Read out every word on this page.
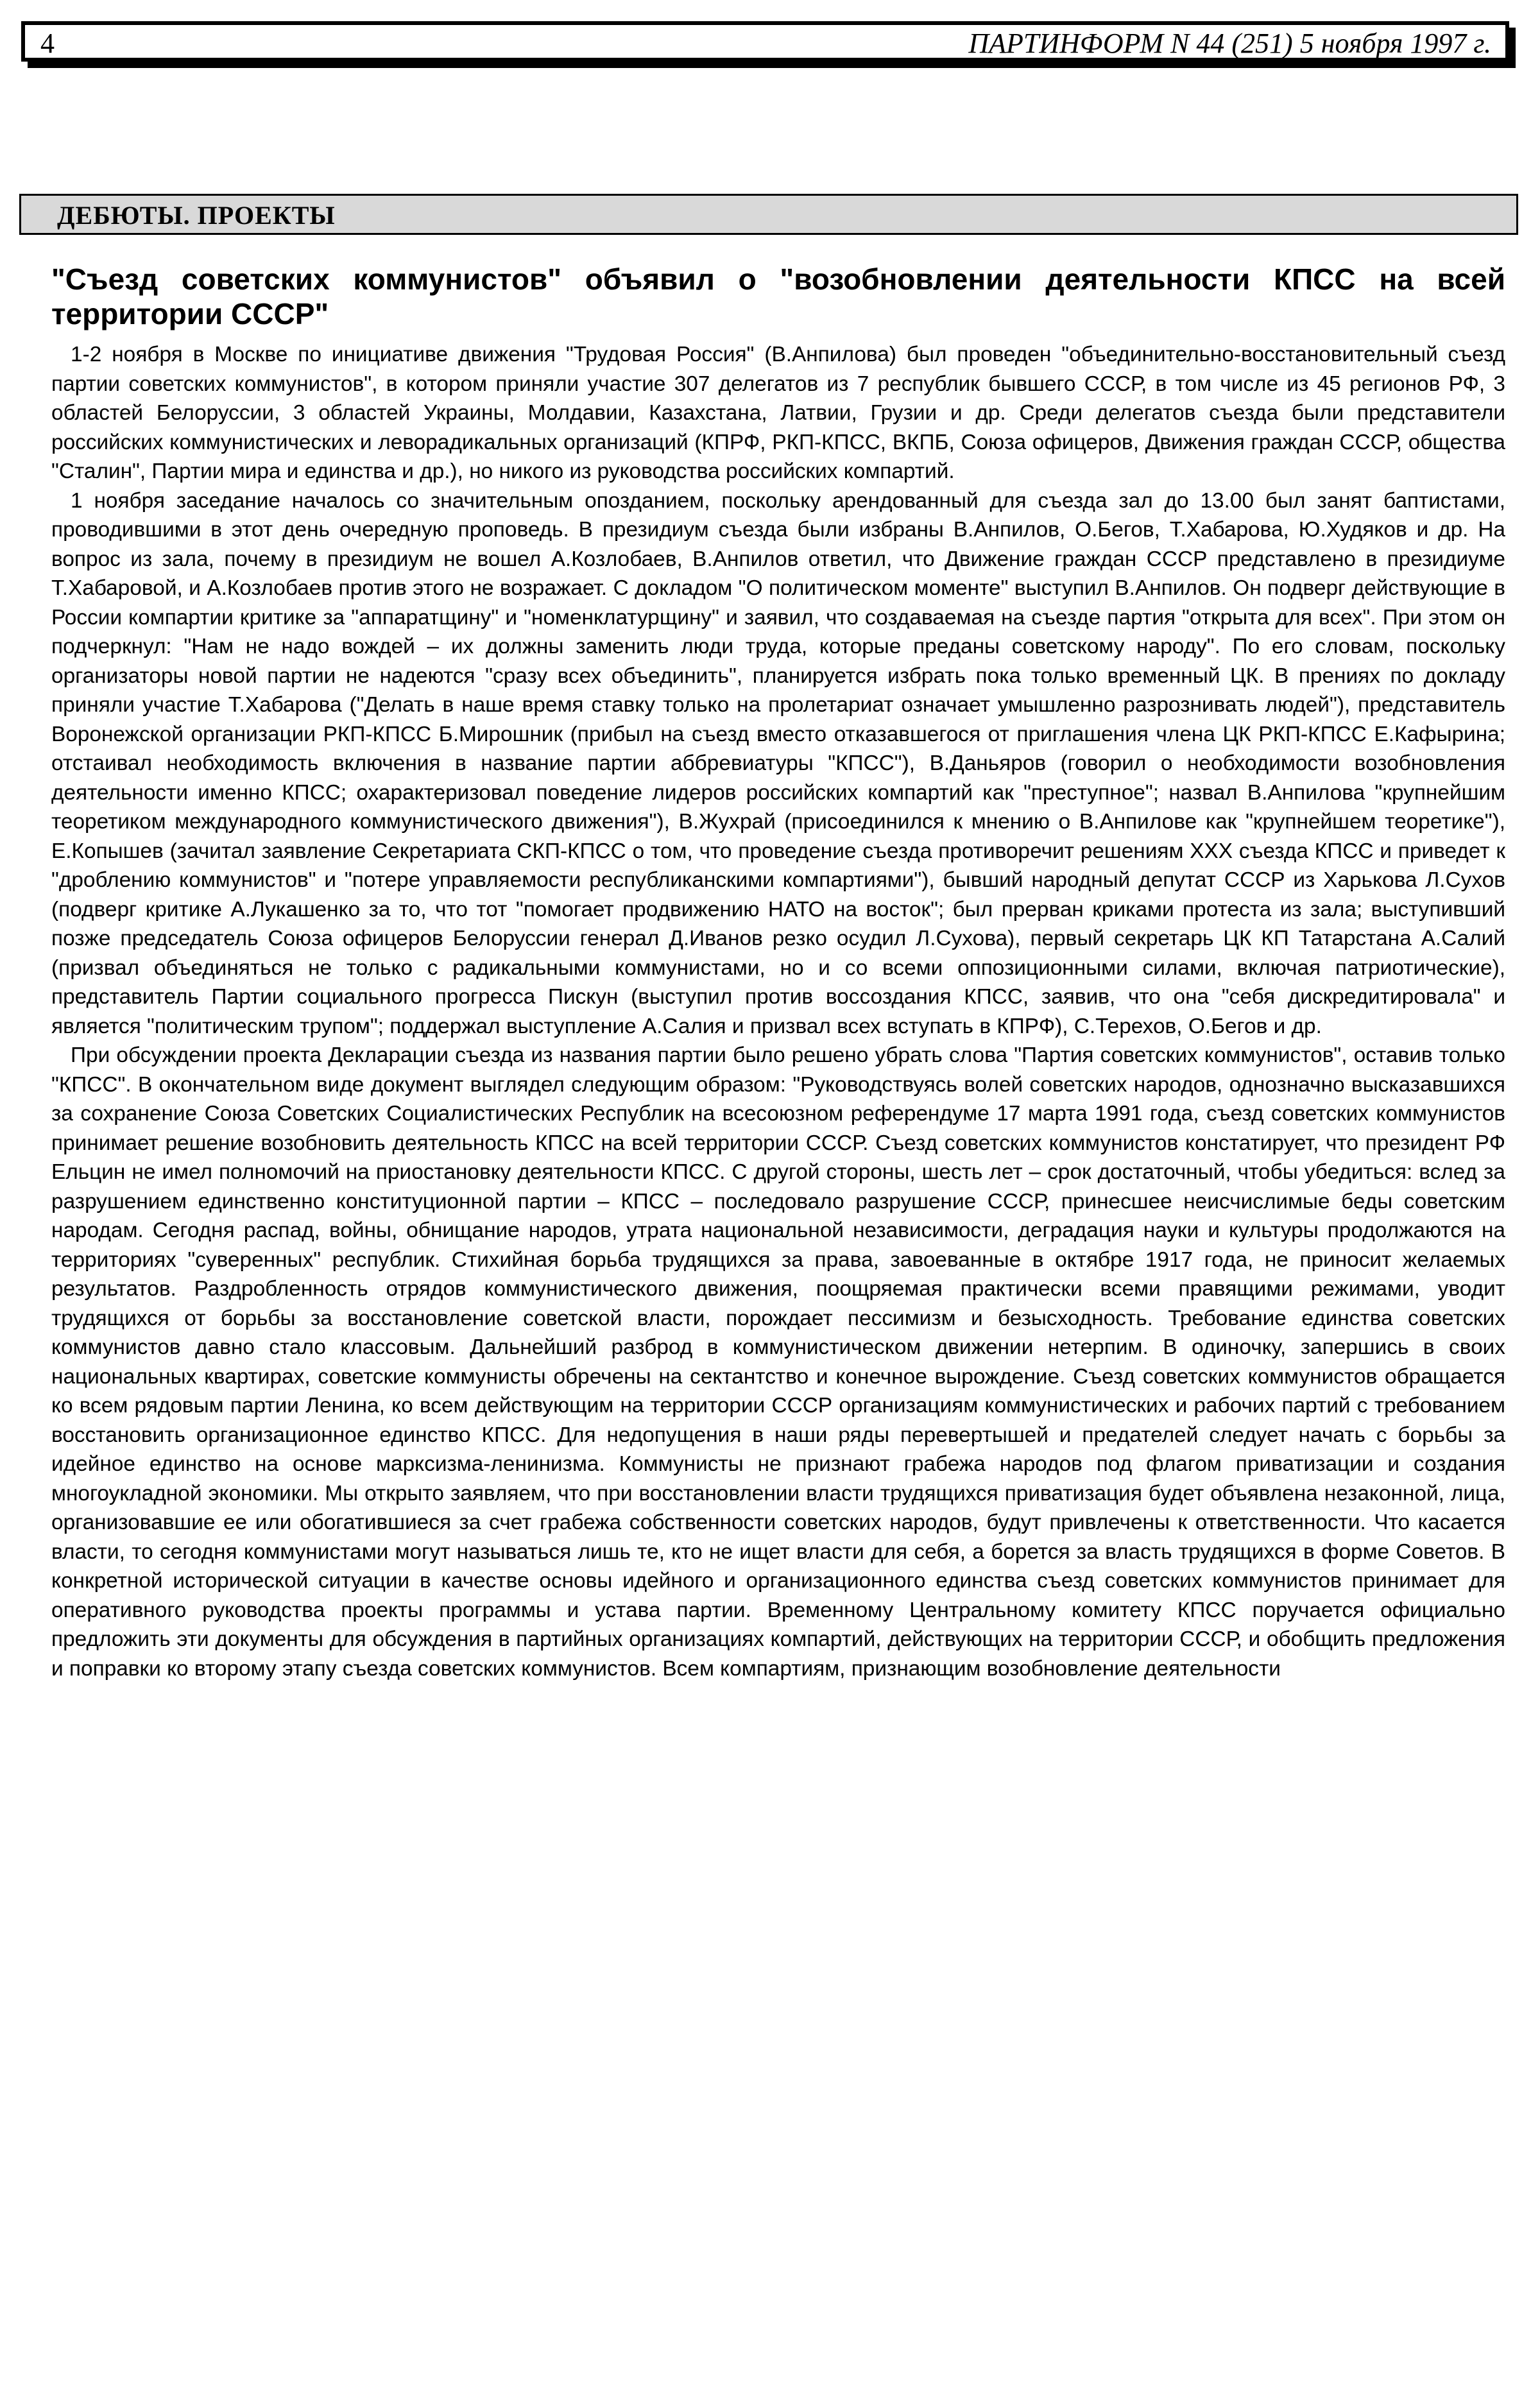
4	ПАРТИНФОРМ N 44 (251) 5 ноября 1997 г.
ДЕБЮТЫ. ПРОЕКТЫ
"Съезд советских коммунистов" объявил о "возобновлении деятельности КПСС на всей территории СССР"

1-2 ноября в Москве по инициативе движения "Трудовая Россия" (В.Анпилова) был проведен "объединительно-восстановительный съезд партии советских коммунистов", в котором приняли участие 307 делегатов из 7 республик бывшего СССР, в том числе из 45 регионов РФ, 3 областей Белоруссии, 3 областей Украины, Молдавии, Казахстана, Латвии, Грузии и др. Среди делегатов съезда были представители российских коммунистических и леворадикальных организаций (КПРФ, РКП-КПСС, ВКПБ, Союза офицеров, Движения граждан СССР, общества "Сталин", Партии мира и единства и др.), но никого из руководства российских компартий.

1 ноября заседание началось со значительным опозданием, поскольку арендованный для съезда зал до 13.00 был занят баптистами, проводившими в этот день очередную проповедь. В президиум съезда были избраны В.Анпилов, О.Бегов, Т.Хабарова, Ю.Худяков и др. На вопрос из зала, почему в президиум не вошел А.Козлобаев, В.Анпилов ответил, что Движение граждан СССР представлено в президиуме Т.Хабаровой, и А.Козлобаев против этого не возражает. С докладом "О политическом моменте" выступил В.Анпилов. Он подверг действующие в России компартии критике за "аппаратщину" и "номенклатурщину" и заявил, что создаваемая на съезде партия "открыта для всех". При этом он подчеркнул: "Нам не надо вождей – их должны заменить люди труда, которые преданы советскому народу". По его словам, поскольку организаторы новой партии не надеются "сразу всех объединить", планируется избрать пока только временный ЦК. В прениях по докладу приняли участие Т.Хабарова ("Делать в наше время ставку только на пролетариат означает умышленно разрознивать людей"), представитель Воронежской организации РКП-КПСС Б.Мирошник (прибыл на съезд вместо отказавшегося от приглашения члена ЦК РКП-КПСС Е.Кафырина; отстаивал необходимость включения в название партии аббревиатуры "КПСС"), В.Даньяров (говорил о необходимости возобновления деятельности именно КПСС; охарактеризовал поведение лидеров российских компартий как "преступное"; назвал В.Анпилова "крупнейшим теоретиком международного коммунистического движения"), В.Жухрай (присоединился к мнению о В.Анпилове как "крупнейшем теоретике"), Е.Копышев (зачитал заявление Секретариата СКП-КПСС о том, что проведение съезда противоречит решениям XXX съезда КПСС и приведет к "дроблению коммунистов" и "потере управляемости республиканскими компартиями"), бывший народный депутат СССР из Харькова Л.Сухов (подверг критике А.Лукашенко за то, что тот "помогает продвижению НАТО на восток"; был прерван криками протеста из зала; выступивший позже председатель Союза офицеров Белоруссии генерал Д.Иванов резко осудил Л.Сухова), первый секретарь ЦК КП Татарстана А.Салий (призвал объединяться не только с радикальными коммунистами, но и со всеми оппозиционными силами, включая патриотические), представитель Партии социального прогресса Пискун (выступил против воссоздания КПСС, заявив, что она "себя дискредитировала" и является "политическим трупом"; поддержал выступление А.Салия и призвал всех вступать в КПРФ), С.Терехов, О.Бегов и др.

При обсуждении проекта Декларации съезда из названия партии было решено убрать слова "Партия советских коммунистов", оставив только "КПСС". В окончательном виде документ выглядел следующим образом: "Руководствуясь волей советских народов, однозначно высказавшихся за сохранение Союза Советских Социалистических Республик на всесоюзном референдуме 17 марта 1991 года, съезд советских коммунистов принимает решение возобновить деятельность КПСС на всей территории СССР. Съезд советских коммунистов констатирует, что президент РФ Ельцин не имел полномочий на приостановку деятельности КПСС. С другой стороны, шесть лет – срок достаточный, чтобы убедиться: вслед за разрушением единственно конституционной партии – КПСС – последовало разрушение СССР, принесшее неисчислимые беды советским народам. Сегодня распад, войны, обнищание народов, утрата национальной независимости, деградация науки и культуры продолжаются на территориях "суверенных" республик. Стихийная борьба трудящихся за права, завоеванные в октябре 1917 года, не приносит желаемых результатов. Раздробленность отрядов коммунистического движения, поощряемая практически всеми правящими режимами, уводит трудящихся от борьбы за восстановление советской власти, порождает пессимизм и безысходность. Требование единства советских коммунистов давно стало классовым. Дальнейший разброд в коммунистическом движении нетерпим. В одиночку, запершись в своих национальных квартирах, советские коммунисты обречены на сектантство и конечное вырождение. Съезд советских коммунистов обращается ко всем рядовым партии Ленина, ко всем действующим на территории СССР организациям коммунистических и рабочих партий с требованием восстановить организационное единство КПСС. Для недопущения в наши ряды перевертышей и предателей следует начать с борьбы за идейное единство на основе марксизма-ленинизма. Коммунисты не признают грабежа народов под флагом приватизации и создания многоукладной экономики. Мы открыто заявляем, что при восстановлении власти трудящихся приватизация будет объявлена незаконной, лица, организовавшие ее или обогатившиеся за счет грабежа собственности советских народов, будут привлечены к ответственности. Что касается власти, то сегодня коммунистами могут называться лишь те, кто не ищет власти для себя, а борется за власть трудящихся в форме Советов. В конкретной исторической ситуации в качестве основы идейного и организационного единства съезд советских коммунистов принимает для оперативного руководства проекты программы и устава партии. Временному Центральному комитету КПСС поручается официально предложить эти документы для обсуждения в партийных организациях компартий, действующих на территории СССР, и обобщить предложения и поправки ко второму этапу съезда советских коммунистов. Всем компартиям, признающим возобновление деятельности
